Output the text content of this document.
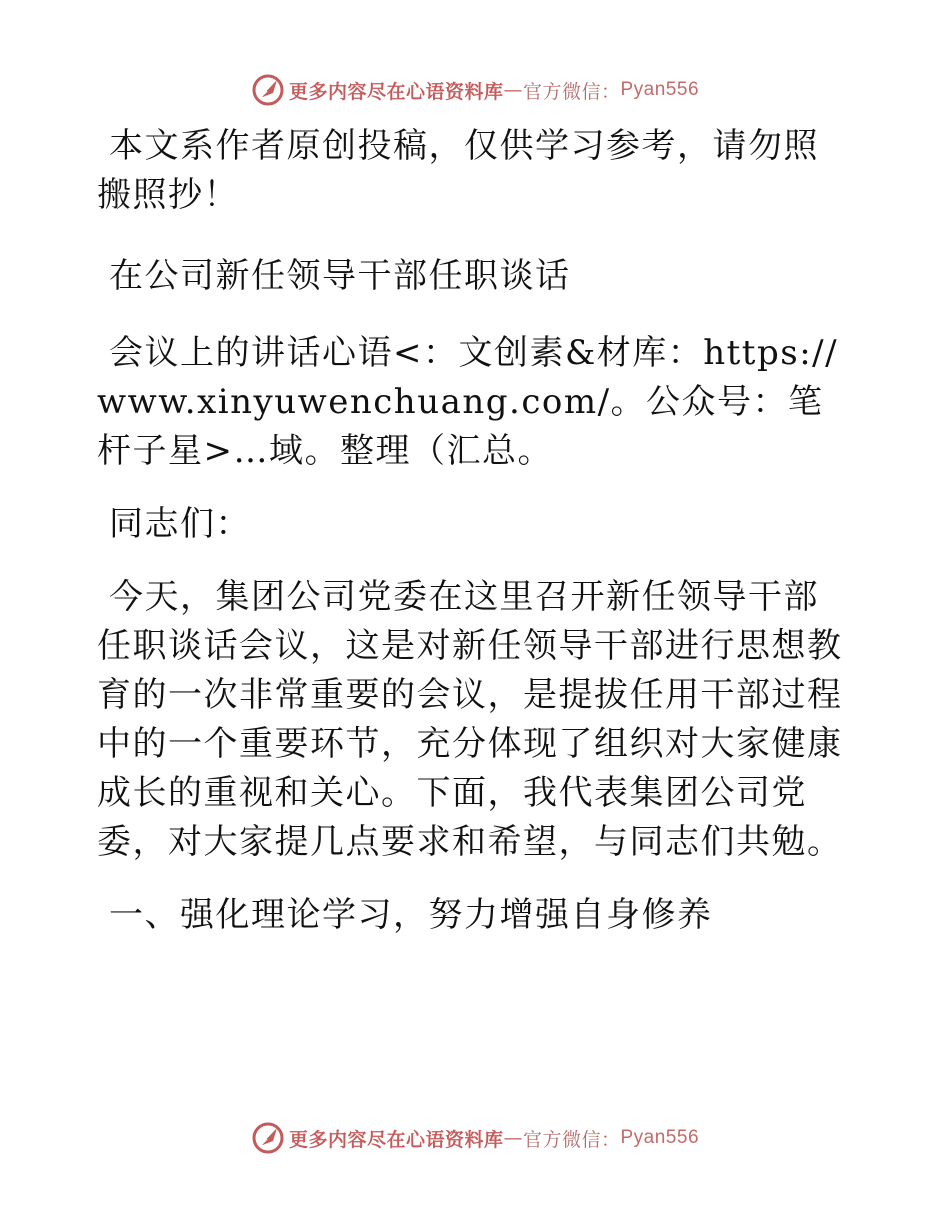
更多内容尽在心语资料库 — 官方微信： Pyan556

本文系作者原创投稿，仅供学习参考，请勿照搬照抄！

在公司新任领导干部任职谈话

会议上的讲话心语<：文创素&材库：https://www.xinyuwenchuang.com/。公众号：笔杆子星>…域。整理（汇总。

同志们：

今天，集团公司党委在这里召开新任领导干部任职谈话会议，这是对新任领导干部进行思想教育的一次非常重要的会议，是提拔任用干部过程中的一个重要环节，充分体现了组织对大家健康成长的重视和关心。下面，我代表集团公司党委，对大家提几点要求和希望，与同志们共勉。

一、强化理论学习，努力增强自身修养

更多内容尽在心语资料库 — 官方微信： Pyan556
